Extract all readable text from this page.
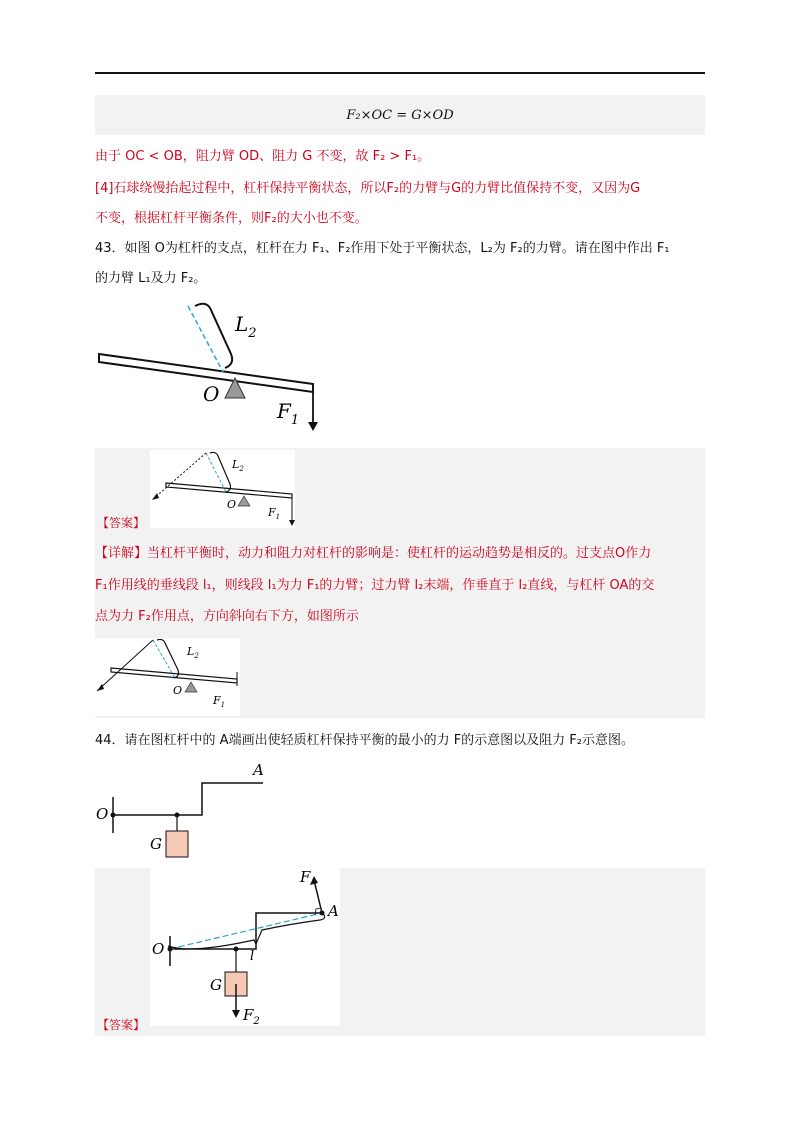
F₂×OC = G×OD
由于 OC < OB，阻力臂 OD、阻力 G 不变，故 F₂ > F₁。
[4]石球绕慢抬起过程中，杠杆保持平衡状态，所以F₂的力臂与G的力臂比值保持不变，又因为G
不变，根据杠杆平衡条件，则F₂的大小也不变。
43．如图 O为杠杆的支点，杠杆在力 F₁、F₂作用下处于平衡状态，L₂为 F₂的力臂。请在图中作出 F₁
的力臂 L₁及力 F₂。
$L_2$
O
$F_1$
$L_2$
O
$F_1$
【答案】
【详解】当杠杆平衡时，动力和阻力对杠杆的影响是：使杠杆的运动趋势是相反的。过支点O作力
F₁作用线的垂线段 l₁，则线段 l₁为力 F₁的力臂；过力臂 l₂末端，作垂直于 l₂直线，与杠杆 OA的交
点为力 F₂作用点，方向斜向右下方，如图所示
$L_2$
O
$F_1$
44．请在图杠杆中的 A端画出使轻质杠杆保持平衡的最小的力 F的示意图以及阻力 F₂示意图。
O
G
A
O
G
A
F
l
$F_2$
【答案】
